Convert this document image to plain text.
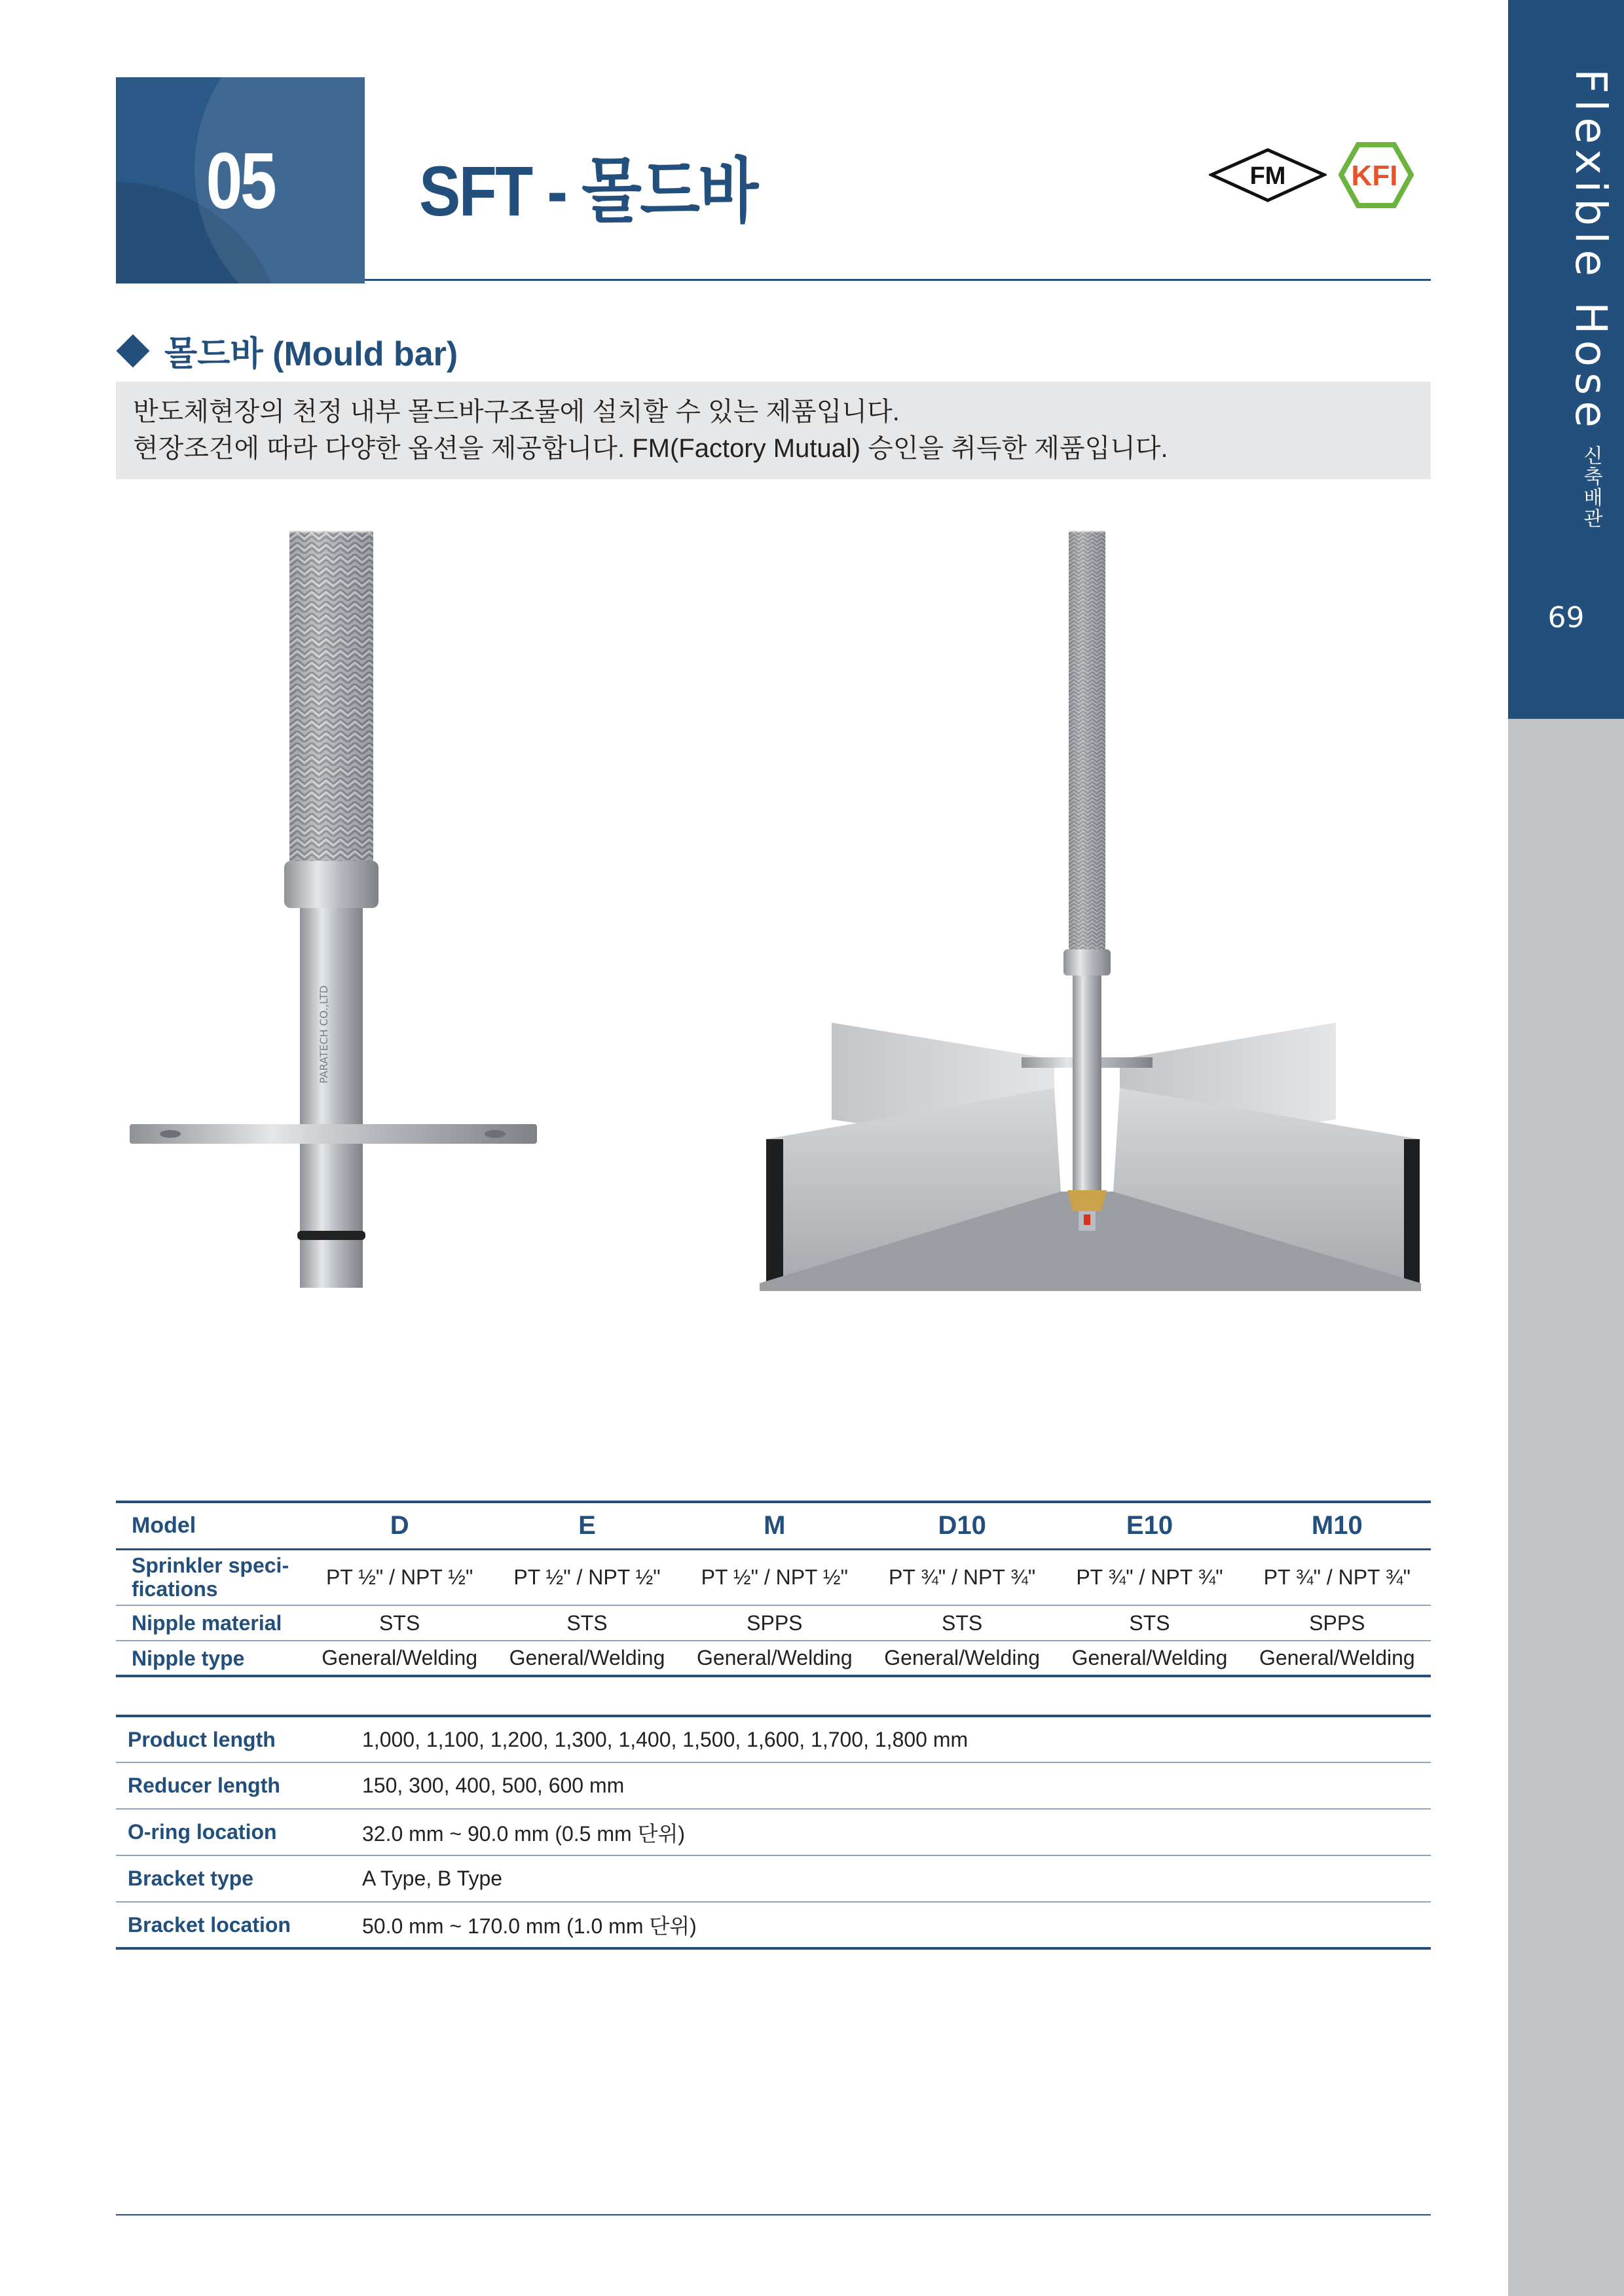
Flexible Hose 신축배관
69
05	SFT - 몰드바	FM KFI
몰드바 (Mould bar)
반도체현장의 천정 내부 몰드바구조물에 설치할 수 있는 제품입니다.
현장조건에 따라 다양한 옵션을 제공합니다. FM(Factory Mutual) 승인을 취득한 제품입니다.
PARATECH CO.,LTD
Model	D	E	M	D10	E10	M10
Sprinkler speci-fications	PT ½" / NPT ½"	PT ½" / NPT ½"	PT ½" / NPT ½"	PT ¾" / NPT ¾"	PT ¾" / NPT ¾"	PT ¾" / NPT ¾"
Nipple material	STS	STS	SPPS	STS	STS	SPPS
Nipple type	General/Welding	General/Welding	General/Welding	General/Welding	General/Welding	General/Welding
Product length	1,000, 1,100, 1,200, 1,300, 1,400, 1,500, 1,600, 1,700, 1,800 mm
Reducer length	150, 300, 400, 500, 600 mm
O-ring location	32.0 mm ~ 90.0 mm (0.5 mm 단위)
Bracket type	A Type, B Type
Bracket location	50.0 mm ~ 170.0 mm (1.0 mm 단위)
